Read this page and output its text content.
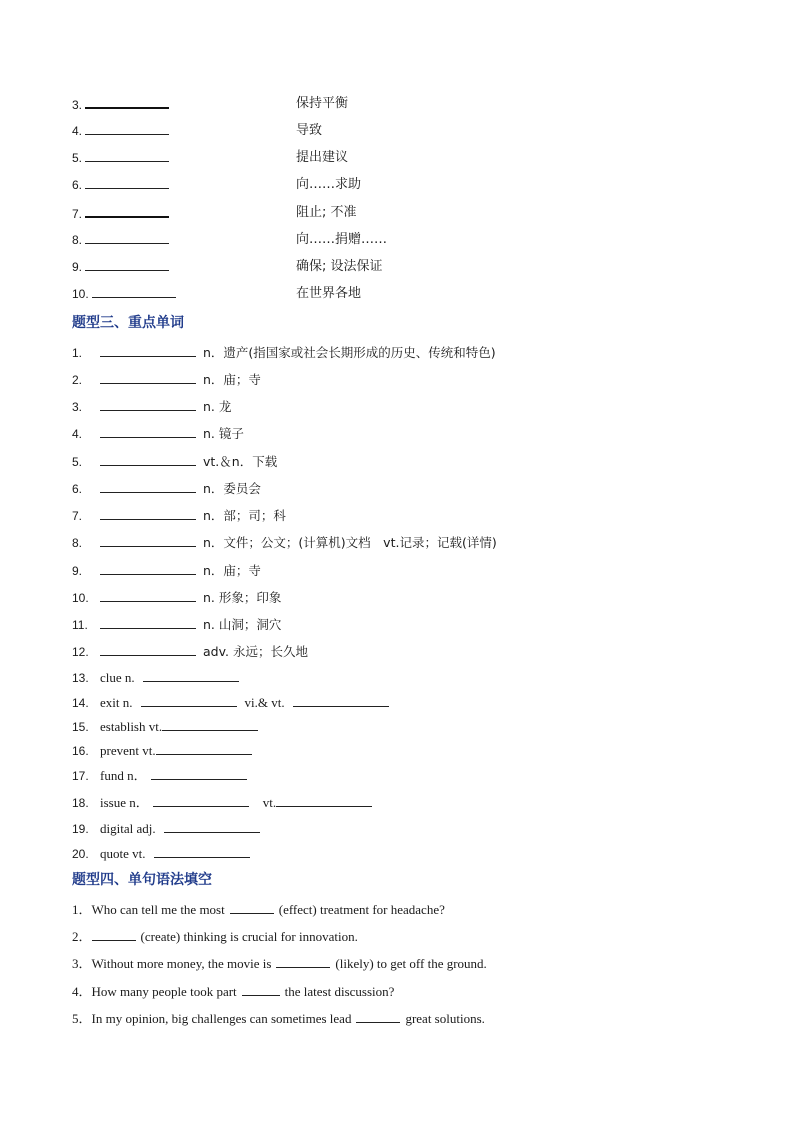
3.	保持平衡
4.	导致
5.	提出建议
6.	向……求助
7.	阻止; 不准
8.	向……捐赠……
9.	确保; 设法保证
10.	在世界各地
题型三、重点单词
1.	n．遗产(指国家或社会长期形成的历史、传统和特色)
2.	n．庙；寺
3.	n. 龙
4.	n. 镜子
5.	vt.＆n．下载
6.	n．委员会
7.	n．部；司；科
8.	n．文件；公文；(计算机)文档　vt.记录；记载(详情)
9.	n．庙；寺
10.	n. 形象；印象
11.	n. 山洞；洞穴
12.	adv. 永远；长久地
13. clue n.
14. exit n.	vi.& vt.
15. establish vt.
16. prevent vt.
17. fund n．
18. issue n．	vt.
19. digital adj.
20. quote vt.
题型四、单句语法填空
1．Who can tell me the most	(effect) treatment for headache?
2．	(create) thinking is crucial for innovation.
3．Without more money, the movie is	(likely) to get off the ground.
4．How many people took part	the latest discussion?
5．In my opinion, big challenges can sometimes lead	great solutions.
